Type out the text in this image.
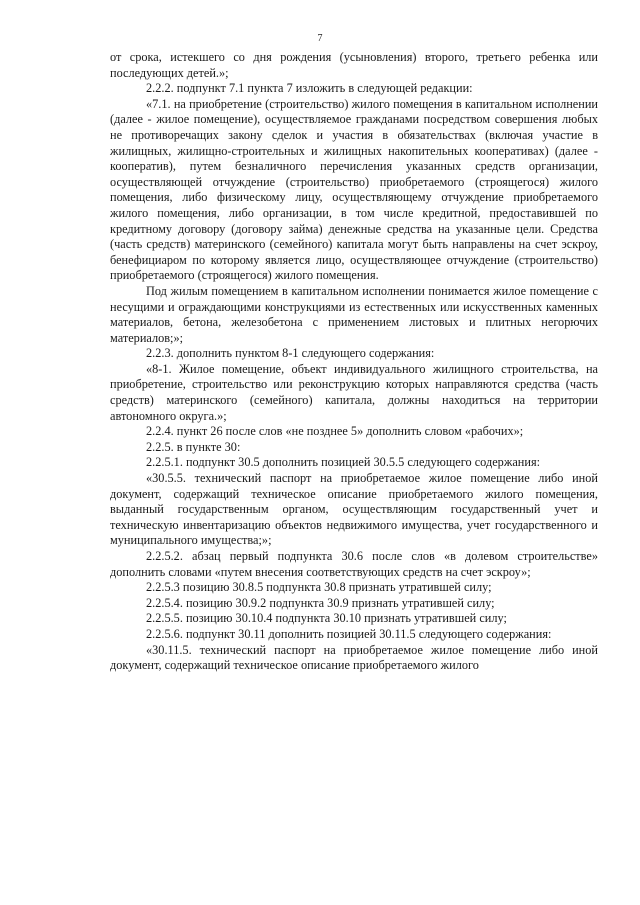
7

от срока, истекшего со дня рождения (усыновления) второго, третьего ребенка или последующих детей.»;

2.2.2. подпункт 7.1 пункта 7 изложить в следующей редакции:

«7.1. на приобретение (строительство) жилого помещения в капитальном исполнении (далее - жилое помещение), осуществляемое гражданами посредством совершения любых не противоречащих закону сделок и участия в обязательствах (включая участие в жилищных, жилищно-строительных и жилищных накопительных кооперативах) (далее - кооператив), путем безналичного перечисления указанных средств организации, осуществляющей отчуждение (строительство) приобретаемого (строящегося) жилого помещения, либо физическому лицу, осуществляющему отчуждение приобретаемого жилого помещения, либо организации, в том числе кредитной, предоставившей по кредитному договору (договору займа) денежные средства на указанные цели. Средства (часть средств) материнского (семейного) капитала могут быть направлены на счет эскроу, бенефициаром по которому является лицо, осуществляющее отчуждение (строительство) приобретаемого (строящегося) жилого помещения.

Под жилым помещением в капитальном исполнении понимается жилое помещение с несущими и ограждающими конструкциями из естественных или искусственных каменных материалов, бетона, железобетона с применением листовых и плитных негорючих материалов;»;

2.2.3. дополнить пунктом 8-1 следующего содержания:

«8-1. Жилое помещение, объект индивидуального жилищного строительства, на приобретение, строительство или реконструкцию которых направляются средства (часть средств) материнского (семейного) капитала, должны находиться на территории автономного округа.»;

2.2.4. пункт 26 после слов «не позднее 5» дополнить словом «рабочих»;

2.2.5. в пункте 30:

2.2.5.1. подпункт 30.5 дополнить позицией 30.5.5 следующего содержания:

«30.5.5. технический паспорт на приобретаемое жилое помещение либо иной документ, содержащий техническое описание приобретаемого жилого помещения, выданный государственным органом, осуществляющим государственный учет и техническую инвентаризацию объектов недвижимого имущества, учет государственного и муниципального имущества;»;

2.2.5.2. абзац первый подпункта 30.6 после слов «в долевом строительстве» дополнить словами «путем внесения соответствующих средств на счет эскроу»;

2.2.5.3 позицию 30.8.5 подпункта 30.8 признать утратившей силу;

2.2.5.4. позицию 30.9.2 подпункта 30.9 признать утратившей силу;

2.2.5.5. позицию 30.10.4 подпункта 30.10 признать утратившей силу;

2.2.5.6. подпункт 30.11 дополнить позицией 30.11.5 следующего содержания:

«30.11.5. технический паспорт на приобретаемое жилое помещение либо иной документ, содержащий техническое описание приобретаемого жилого
